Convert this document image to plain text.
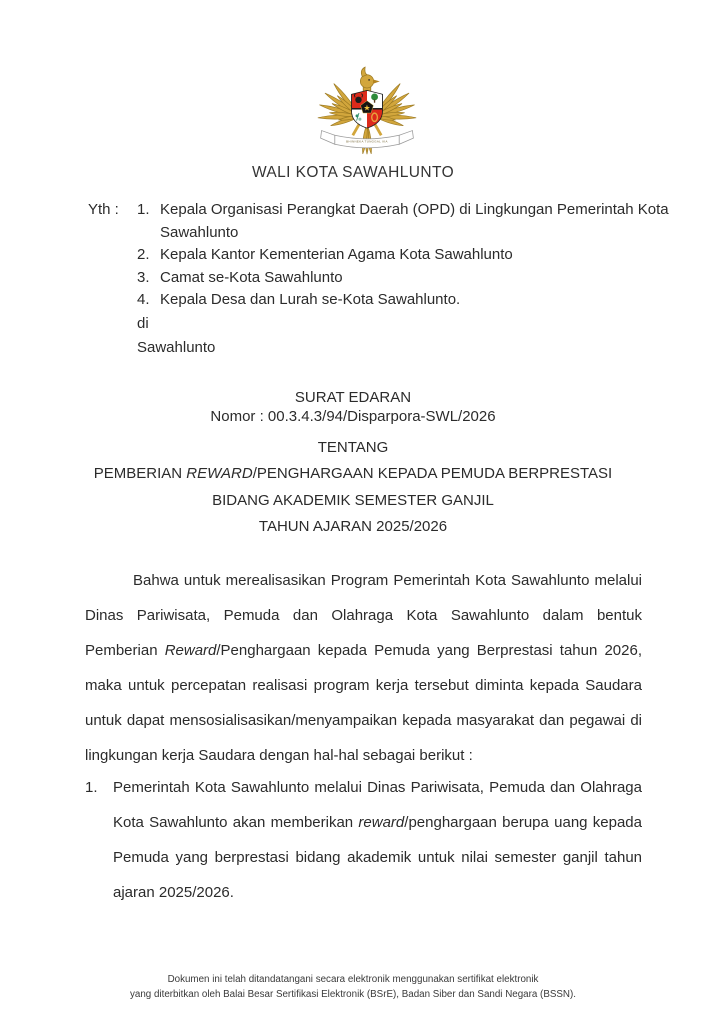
★
BHINNEKA TUNGGAL IKA
WALI KOTA SAWAHLUNTO
Yth :	1. Kepala Organisasi Perangkat Daerah (OPD) di Lingkungan Pemerintah Kota Sawahlunto
2. Kepala Kantor Kementerian Agama Kota Sawahlunto
3. Camat se-Kota Sawahlunto
4. Kepala Desa dan Lurah se-Kota Sawahlunto.
di
Sawahlunto
SURAT EDARAN
Nomor : 00.3.4.3/94/Disparpora-SWL/2026
TENTANG
PEMBERIAN REWARD/PENGHARGAAN KEPADA PEMUDA BERPRESTASI
BIDANG AKADEMIK SEMESTER GANJIL
TAHUN AJARAN 2025/2026
Bahwa untuk merealisasikan Program Pemerintah Kota Sawahlunto melalui Dinas Pariwisata, Pemuda dan Olahraga Kota Sawahlunto dalam bentuk Pemberian Reward/Penghargaan kepada Pemuda yang Berprestasi tahun 2026, maka untuk percepatan realisasi program kerja tersebut diminta kepada Saudara untuk dapat mensosialisasikan/menyampaikan kepada masyarakat dan pegawai di lingkungan kerja Saudara dengan hal-hal sebagai berikut :
1.	Pemerintah Kota Sawahlunto melalui Dinas Pariwisata, Pemuda dan Olahraga Kota Sawahlunto akan memberikan reward/penghargaan berupa uang kepada Pemuda yang berprestasi bidang akademik untuk nilai semester ganjil tahun ajaran 2025/2026.
Dokumen ini telah ditandatangani secara elektronik menggunakan sertifikat elektronik
yang diterbitkan oleh Balai Besar Sertifikasi Elektronik (BSrE), Badan Siber dan Sandi Negara (BSSN).
